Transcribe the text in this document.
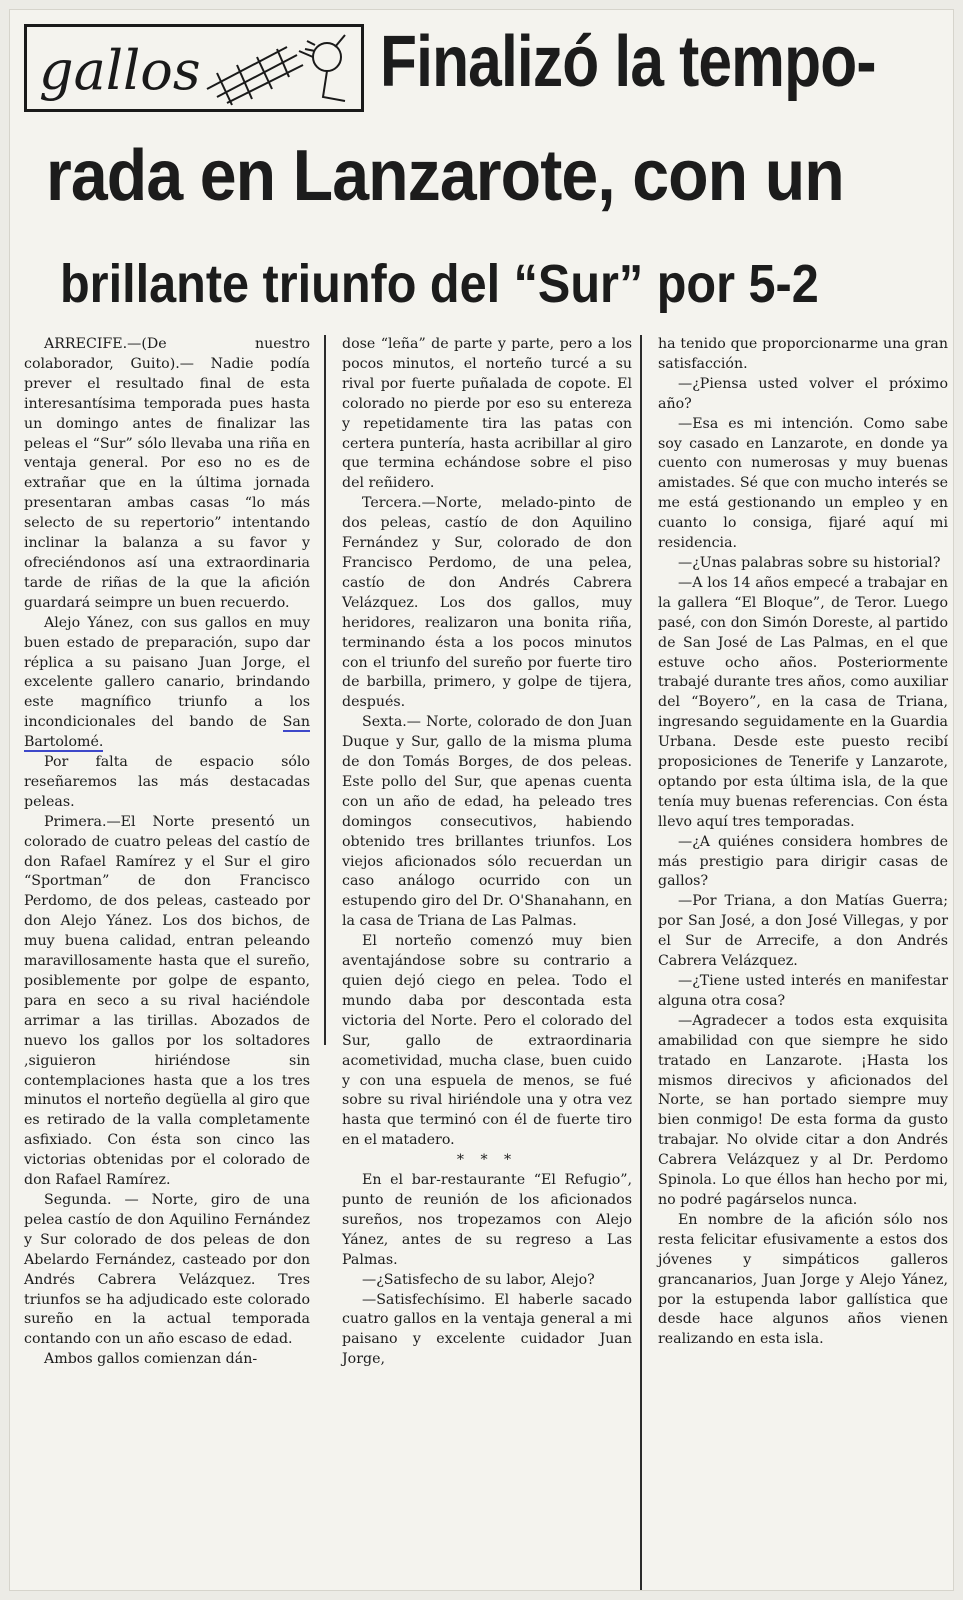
gallos Finalizó la tempo-
rada en Lanzarote, con un
brillante triunfo del “Sur” por 5-2

ARRECIFE.—(De nuestro colaborador, Guito).— Nadie podía prever el resultado final de esta interesantísima temporada pues hasta un domingo antes de finalizar las peleas el “Sur” sólo llevaba una riña en ventaja general. Por eso no es de extrañar que en la última jornada presentaran ambas casas “lo más selecto de su repertorio” intentando inclinar la balanza a su favor y ofreciéndonos así una extraordinaria tarde de riñas de la que la afición guardará seimpre un buen recuerdo.

Alejo Yánez, con sus gallos en muy buen estado de preparación, supo dar réplica a su paisano Juan Jorge, el excelente gallero canario, brindando este magnífico triunfo a los incondicionales del bando de San Bartolomé.

Por falta de espacio sólo reseñaremos las más destacadas peleas.

Primera.—El Norte presentó un colorado de cuatro peleas del castío de don Rafael Ramírez y el Sur el giro “Sportman” de don Francisco Perdomo, de dos peleas, casteado por don Alejo Yánez. Los dos bichos, de muy buena calidad, entran peleando maravillosamente hasta que el sureño, posiblemente por golpe de espanto, para en seco a su rival haciéndole arrimar a las tirillas. Abozados de nuevo los gallos por los soltadores ,siguieron hiriéndose sin contemplaciones hasta que a los tres minutos el norteño degüella al giro que es retirado de la valla completamente asfixiado. Con ésta son cinco las victorias obtenidas por el colorado de don Rafael Ramírez.

Segunda. — Norte, giro de una pelea castío de don Aquilino Fernández y Sur colorado de dos peleas de don Abelardo Fernández, casteado por don Andrés Cabrera Velázquez. Tres triunfos se ha adjudicado este colorado sureño en la actual temporada contando con un año escaso de edad.

Ambos gallos comienzan dán-

dose “leña” de parte y parte, pero a los pocos minutos, el norteño turcé a su rival por fuerte puñalada de copote. El colorado no pierde por eso su entereza y repetidamente tira las patas con certera puntería, hasta acribillar al giro que termina echándose sobre el piso del reñidero.

Tercera.—Norte, melado-pinto de dos peleas, castío de don Aquilino Fernández y Sur, colorado de don Francisco Perdomo, de una pelea, castío de don Andrés Cabrera Velázquez. Los dos gallos, muy heridores, realizaron una bonita riña, terminando ésta a los pocos minutos con el triunfo del sureño por fuerte tiro de barbilla, primero, y golpe de tijera, después.

Sexta.— Norte, colorado de don Juan Duque y Sur, gallo de la misma pluma de don Tomás Borges, de dos peleas. Este pollo del Sur, que apenas cuenta con un año de edad, ha peleado tres domingos consecutivos, habiendo obtenido tres brillantes triunfos. Los viejos aficionados sólo recuerdan un caso análogo ocurrido con un estupendo giro del Dr. O'Shanahann, en la casa de Triana de Las Palmas.

El norteño comenzó muy bien aventajándose sobre su contrario a quien dejó ciego en pelea. Todo el mundo daba por descontada esta victoria del Norte. Pero el colorado del Sur, gallo de extraordinaria acometividad, mucha clase, buen cuido y con una espuela de menos, se fué sobre su rival hiriéndole una y otra vez hasta que terminó con él de fuerte tiro en el matadero.

* * *

En el bar-restaurante “El Refugio”, punto de reunión de los aficionados sureños, nos tropezamos con Alejo Yánez, antes de su regreso a Las Palmas.

—¿Satisfecho de su labor, Alejo?

—Satisfechísimo. El haberle sacado cuatro gallos en la ventaja general a mi paisano y excelente cuidador Juan Jorge,

ha tenido que proporcionarme una gran satisfacción.

—¿Piensa usted volver el próximo año?

—Esa es mi intención. Como sabe soy casado en Lanzarote, en donde ya cuento con numerosas y muy buenas amistades. Sé que con mucho interés se me está gestionando un empleo y en cuanto lo consiga, fijaré aquí mi residencia.

—¿Unas palabras sobre su historial?

—A los 14 años empecé a trabajar en la gallera “El Bloque”, de Teror. Luego pasé, con don Simón Doreste, al partido de San José de Las Palmas, en el que estuve ocho años. Posteriormente trabajé durante tres años, como auxiliar del “Boyero”, en la casa de Triana, ingresando seguidamente en la Guardia Urbana. Desde este puesto recibí proposiciones de Tenerife y Lanzarote, optando por esta última isla, de la que tenía muy buenas referencias. Con ésta llevo aquí tres temporadas.

—¿A quiénes considera hombres de más prestigio para dirigir casas de gallos?

—Por Triana, a don Matías Guerra; por San José, a don José Villegas, y por el Sur de Arrecife, a don Andrés Cabrera Velázquez.

—¿Tiene usted interés en manifestar alguna otra cosa?

—Agradecer a todos esta exquisita amabilidad con que siempre he sido tratado en Lanzarote. ¡Hasta los mismos direcivos y aficionados del Norte, se han portado siempre muy bien conmigo! De esta forma da gusto trabajar. No olvide citar a don Andrés Cabrera Velázquez y al Dr. Perdomo Spinola. Lo que éllos han hecho por mi, no podré pagárselos nunca.

En nombre de la afición sólo nos resta felicitar efusivamente a estos dos jóvenes y simpáticos galleros grancanarios, Juan Jorge y Alejo Yánez, por la estupenda labor gallística que desde hace algunos años vienen realizando en esta isla.
